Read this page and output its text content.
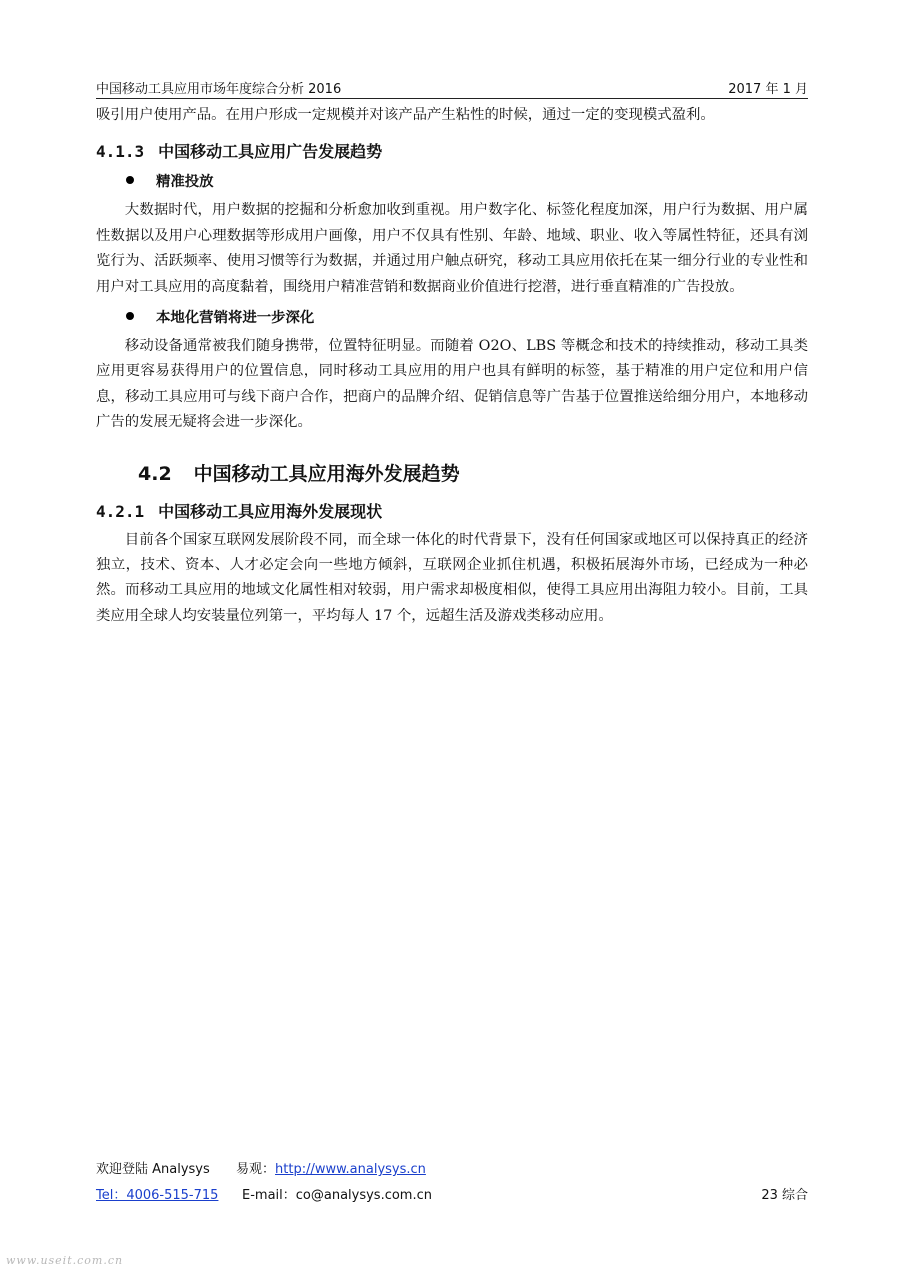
中国移动工具应用市场年度综合分析 2016	2017 年 1 月

吸引用户使用产品。在用户形成一定规模并对该产品产生粘性的时候，通过一定的变现模式盈利。

4.1.3 中国移动工具应用广告发展趋势
精准投放

大数据时代，用户数据的挖掘和分析愈加收到重视。用户数字化、标签化程度加深，用户行为数据、用户属性数据以及用户心理数据等形成用户画像，用户不仅具有性别、年龄、地域、职业、收入等属性特征，还具有浏览行为、活跃频率、使用习惯等行为数据，并通过用户触点研究，移动工具应用依托在某一细分行业的专业性和用户对工具应用的高度黏着，围绕用户精准营销和数据商业价值进行挖潜，进行垂直精准的广告投放。

本地化营销将进一步深化

移动设备通常被我们随身携带，位置特征明显。而随着 O2O、LBS 等概念和技术的持续推动，移动工具类应用更容易获得用户的位置信息，同时移动工具应用的用户也具有鲜明的标签，基于精准的用户定位和用户信息，移动工具应用可与线下商户合作，把商户的品牌介绍、促销信息等广告基于位置推送给细分用户，本地移动广告的发展无疑将会进一步深化。

4.2 中国移动工具应用海外发展趋势
4.2.1 中国移动工具应用海外发展现状

目前各个国家互联网发展阶段不同，而全球一体化的时代背景下，没有任何国家或地区可以保持真正的经济独立，技术、资本、人才必定会向一些地方倾斜，互联网企业抓住机遇，积极拓展海外市场，已经成为一种必然。而移动工具应用的地域文化属性相对较弱，用户需求却极度相似，使得工具应用出海阻力较小。目前，工具类应用全球人均安装量位列第一，平均每人 17 个，远超生活及游戏类移动应用。

欢迎登陆 Analysys 易观：http://www.analysys.cn
Tel：4006-515-715 E-mail：co@analysys.com.cn	23 综合
www.useit.com.cn
